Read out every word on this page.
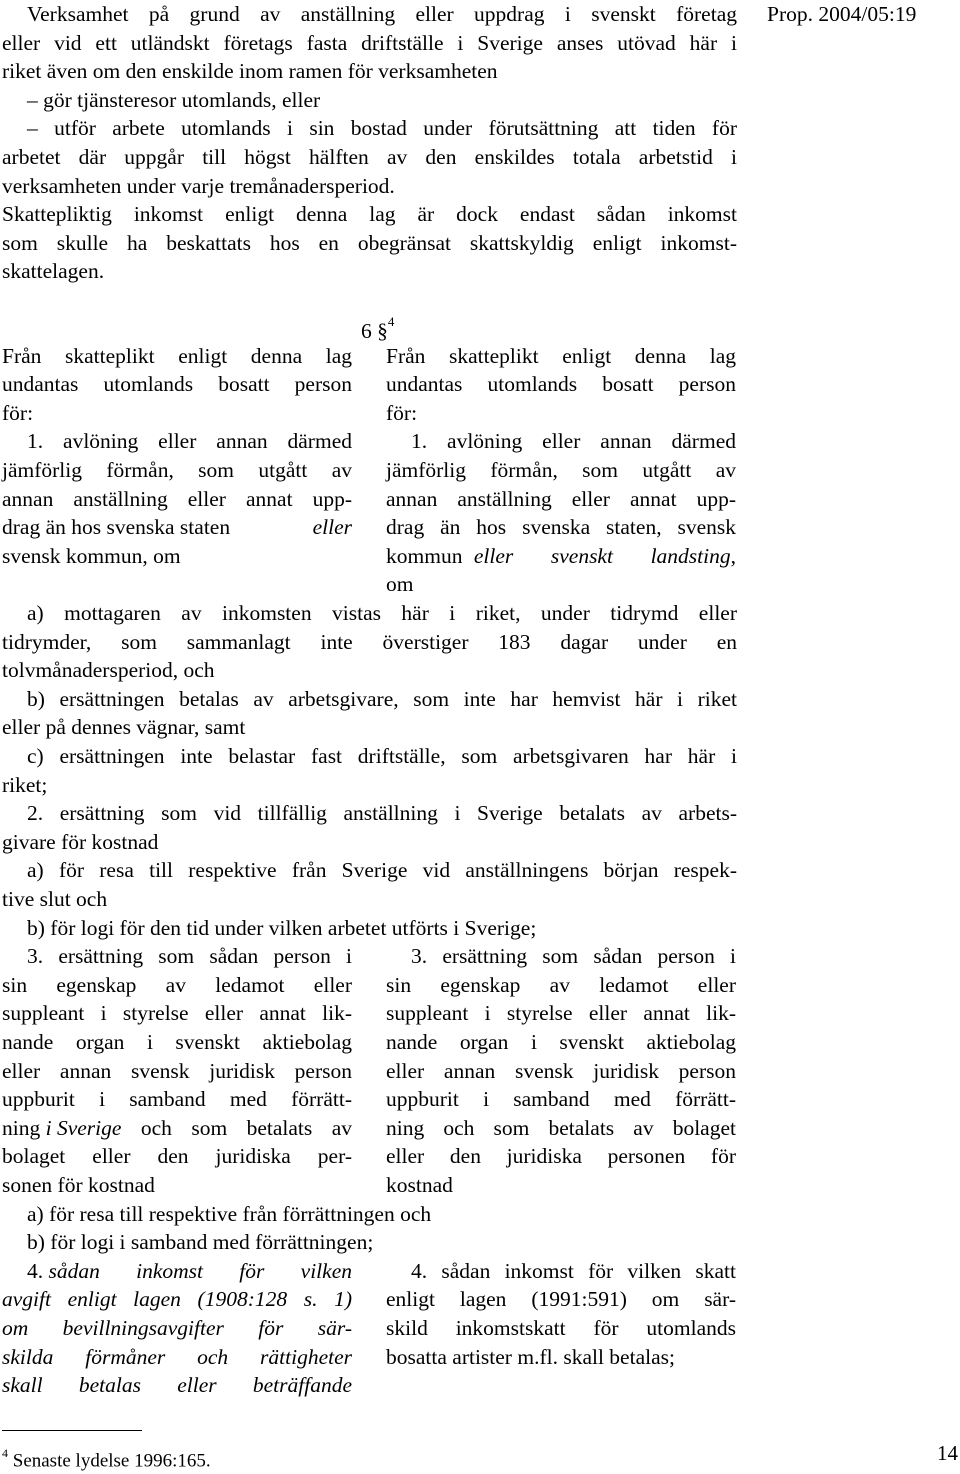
Prop. 2004/05:19
Verksamhet på grund av anställning eller uppdrag i svenskt företag
eller vid ett utländskt företags fasta driftställe i Sverige anses utövad här i
riket även om den enskilde inom ramen för verksamheten
– gör tjänsteresor utomlands, eller
– utför arbete utomlands i sin bostad under förutsättning att tiden för
arbetet där uppgår till högst hälften av den enskildes totala arbetstid i
verksamheten under varje tremånadersperiod.
Skattepliktig inkomst enligt denna lag är dock endast sådan inkomst
som skulle ha beskattats hos en obegränsat skattskyldig enligt inkomst-
skattelagen.
6 §$^4$
Från skatteplikt enligt denna lag
undantas utomlands bosatt person
för:
1. avlöning eller annan därmed
jämförlig förmån, som utgått av
annan anställning eller annat upp-
drag än hos svenska staten	eller
svensk kommun, om
Från skatteplikt enligt denna lag
undantas utomlands bosatt person
för:
1. avlöning eller annan därmed
jämförlig förmån, som utgått av
annan anställning eller annat upp-
drag än hos svenska staten, svensk
kommun eller svenskt landsting ,
om
a) mottagaren av inkomsten vistas här i riket, under tidrymd eller
tidrymder, som sammanlagt inte överstiger 183 dagar under en
tolvmånadersperiod, och
b) ersättningen betalas av arbetsgivare, som inte har hemvist här i riket
eller på dennes vägnar, samt
c) ersättningen inte belastar fast driftställe, som arbetsgivaren har här i
riket;
2. ersättning som vid tillfällig anställning i Sverige betalats av arbets-
givare för kostnad
a) för resa till respektive från Sverige vid anställningens början respek-
tive slut och
b) för logi för den tid under vilken arbetet utförts i Sverige;
3. ersättning som sådan person i
sin egenskap av ledamot eller
suppleant i styrelse eller annat lik-
nande organ i svenskt aktiebolag
eller annan svensk juridisk person
uppburit i samband med förrätt-
ning i Sverige och som betalats av
bolaget eller den juridiska per-
sonen för kostnad
3. ersättning som sådan person i
sin egenskap av ledamot eller
suppleant i styrelse eller annat lik-
nande organ i svenskt aktiebolag
eller annan svensk juridisk person
uppburit i samband med förrätt-
ning och som betalats av bolaget
eller den juridiska personen för
kostnad
a) för resa till respektive från förrättningen och
b) för logi i samband med förrättningen;
4. sådan inkomst för vilken
avgift enligt lagen (1908:128 s. 1)
om bevillningsavgifter för sär-
skilda förmåner och rättigheter
skall betalas eller beträffande
4. sådan inkomst för vilken skatt
enligt lagen (1991:591) om sär-
skild inkomstskatt för utomlands
bosatta artister m.fl. skall betalas;
$^4$ Senaste lydelse 1996:165.	14
